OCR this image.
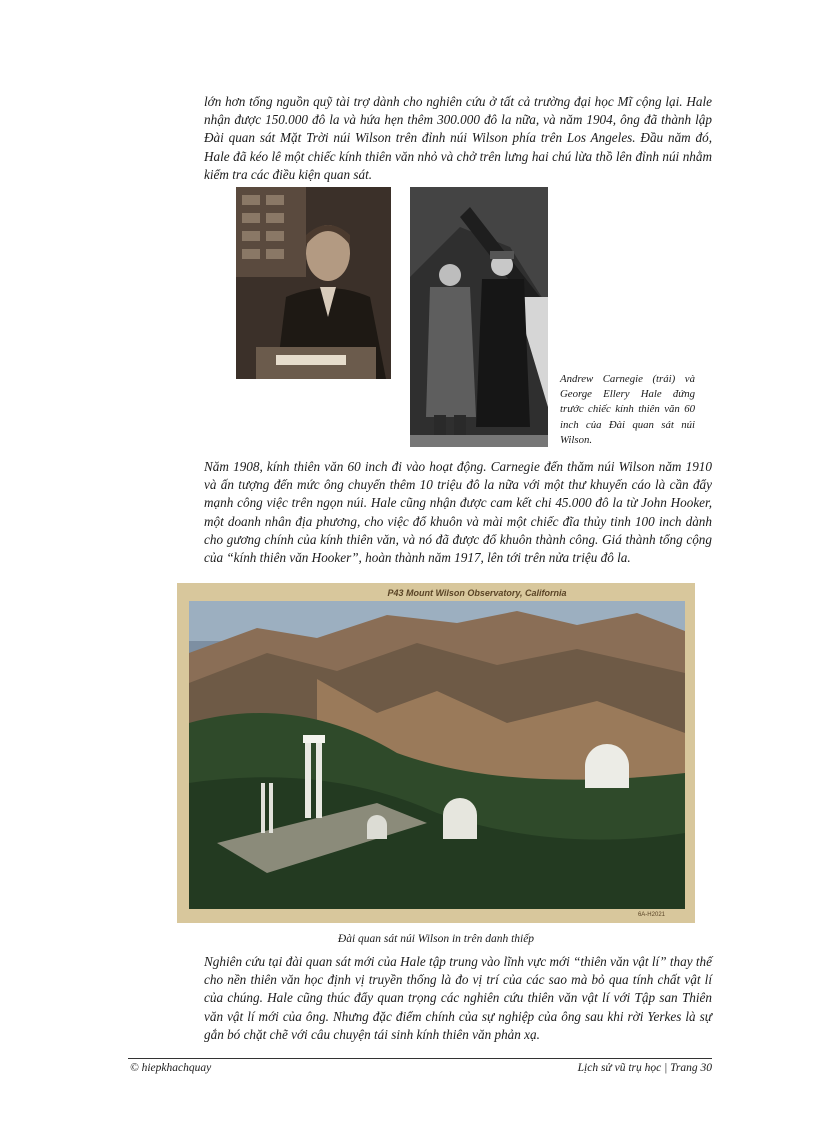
lớn hơn tổng nguồn quỹ tài trợ dành cho nghiên cứu ở tất cả trường đại học Mĩ cộng lại. Hale nhận được 150.000 đô la và hứa hẹn thêm 300.000 đô la nữa, và năm 1904, ông đã thành lập Đài quan sát Mặt Trời núi Wilson trên đỉnh núi Wilson phía trên Los Angeles. Đầu năm đó, Hale đã kéo lê một chiếc kính thiên văn nhỏ và chở trên lưng hai chú lừa thồ lên đỉnh núi nhằm kiểm tra các điều kiện quan sát.

Andrew Carnegie (trái) và George Ellery Hale đứng trước chiếc kính thiên văn 60 inch của Đài quan sát núi Wilson.

Năm 1908, kính thiên văn 60 inch đi vào hoạt động. Carnegie đến thăm núi Wilson năm 1910 và ấn tượng đến mức ông chuyển thêm 10 triệu đô la nữa với một thư khuyến cáo là cần đẩy mạnh công việc trên ngọn núi. Hale cũng nhận được cam kết chi 45.000 đô la từ John Hooker, một doanh nhân địa phương, cho việc đổ khuôn và mài một chiếc đĩa thủy tinh 100 inch dành cho gương chính của kính thiên văn, và nó đã được đổ khuôn thành công. Giá thành tổng cộng của “kính thiên văn Hooker”, hoàn thành năm 1917, lên tới trên nửa triệu đô la.

P43 Mount Wilson Observatory, California
6A-H2021

Đài quan sát núi Wilson in trên danh thiếp

Nghiên cứu tại đài quan sát mới của Hale tập trung vào lĩnh vực mới “thiên văn vật lí” thay thế cho nền thiên văn học định vị truyền thống là đo vị trí của các sao mà bỏ qua tính chất vật lí của chúng. Hale cũng thúc đẩy quan trọng các nghiên cứu thiên văn vật lí với Tập san Thiên văn vật lí mới của ông. Nhưng đặc điểm chính của sự nghiệp của ông sau khi rời Yerkes là sự gắn bó chặt chẽ với câu chuyện tái sinh kính thiên văn phản xạ.

© hiepkhachquay	Lịch sử vũ trụ học | Trang 30
